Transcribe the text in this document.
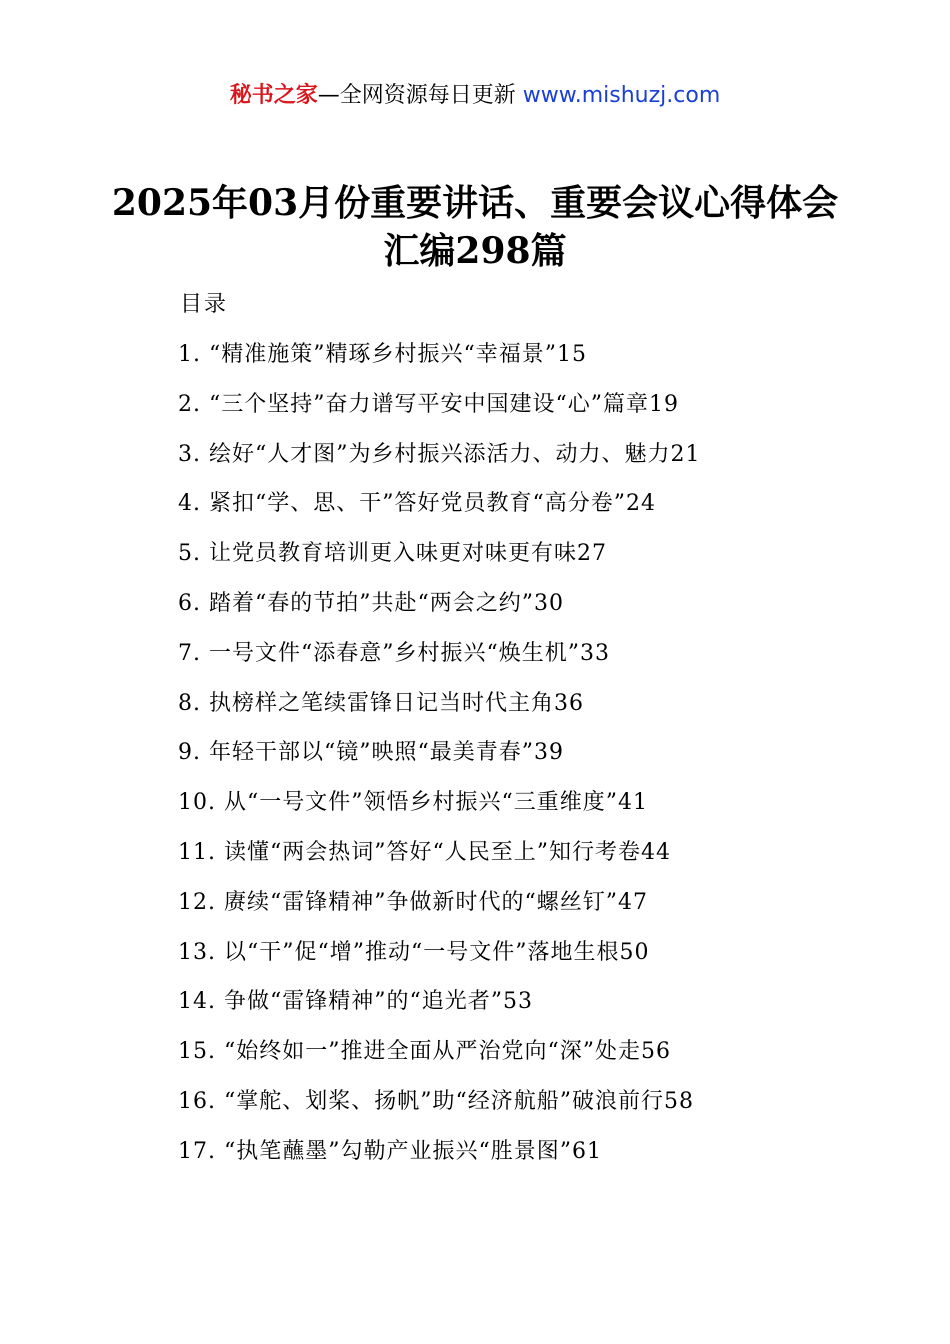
秘书之家—全网资源每日更新 www.mishuzj.com
2025年03月份重要讲话、重要会议心得体会
汇编298篇
目录
1. “精准施策”精琢乡村振兴“幸福景”15
2. “三个坚持”奋力谱写平安中国建设“心”篇章19
3. 绘好“人才图”为乡村振兴添活力、动力、魅力21
4. 紧扣“学、思、干”答好党员教育“高分卷”24
5. 让党员教育培训更入味更对味更有味27
6. 踏着“春的节拍”共赴“两会之约”30
7. 一号文件“添春意”乡村振兴“焕生机”33
8. 执榜样之笔续雷锋日记当时代主角36
9. 年轻干部以“镜”映照“最美青春”39
10. 从“一号文件”领悟乡村振兴“三重维度”41
11. 读懂“两会热词”答好“人民至上”知行考卷44
12. 赓续“雷锋精神”争做新时代的“螺丝钉”47
13. 以“干”促“增”推动“一号文件”落地生根50
14. 争做“雷锋精神”的“追光者”53
15. “始终如一”推进全面从严治党向“深”处走56
16. “掌舵、划桨、扬帆”助“经济航船”破浪前行58
17. “执笔蘸墨”勾勒产业振兴“胜景图”61
